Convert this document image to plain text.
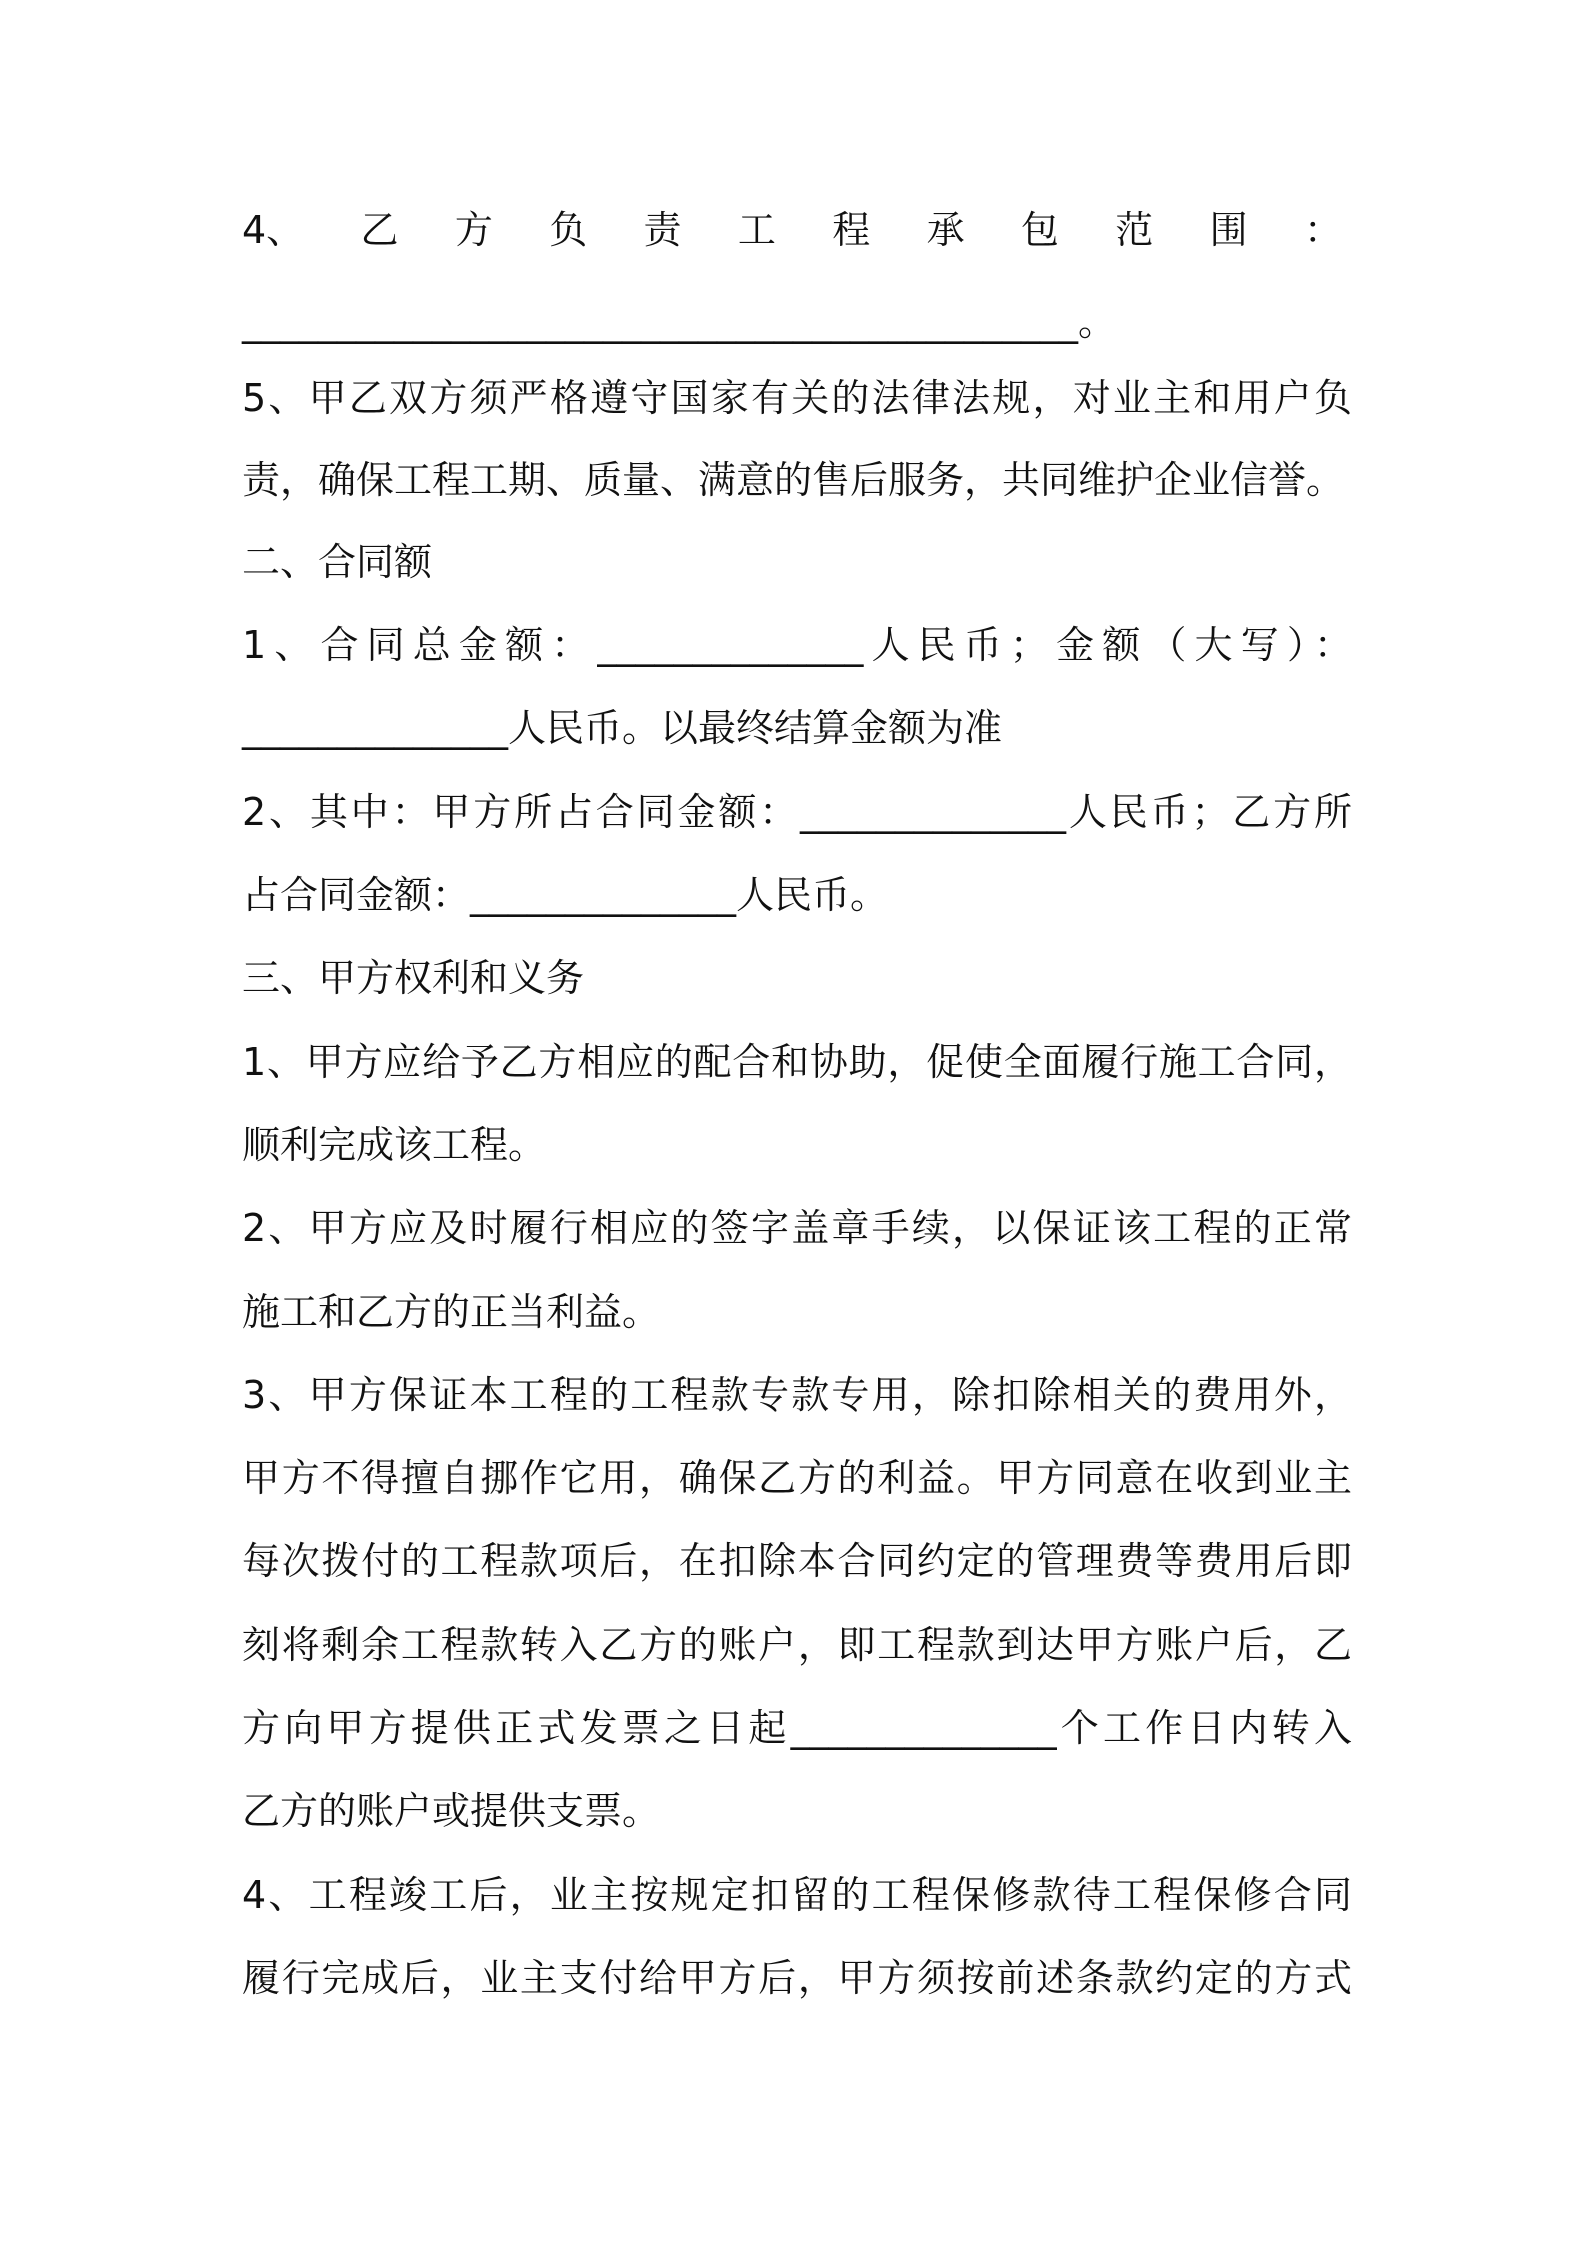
4、 乙 方 负 责 工 程 承 包 范 围 ：
____________________________________________。
5、甲乙双方须严格遵守国家有关的法律法规，对业主和用户负
责，确保工程工期、质量、满意的售后服务，共同维护企业信誉。
二、合同额
1、合同总金额：______________人民币；金额（大写）：
______________人民币。以最终结算金额为准
2、其中：甲方所占合同金额：______________人民币；乙方所
占合同金额：______________人民币。
三、甲方权利和义务
1、甲方应给予乙方相应的配合和协助，促使全面履行施工合同，
顺利完成该工程。
2、甲方应及时履行相应的签字盖章手续，以保证该工程的正常
施工和乙方的正当利益。
3、甲方保证本工程的工程款专款专用，除扣除相关的费用外，
甲方不得擅自挪作它用，确保乙方的利益。甲方同意在收到业主
每次拨付的工程款项后，在扣除本合同约定的管理费等费用后即
刻将剩余工程款转入乙方的账户，即工程款到达甲方账户后，乙
方向甲方提供正式发票之日起______________个工作日内转入
乙方的账户或提供支票。
4、工程竣工后，业主按规定扣留的工程保修款待工程保修合同
履行完成后，业主支付给甲方后，甲方须按前述条款约定的方式
